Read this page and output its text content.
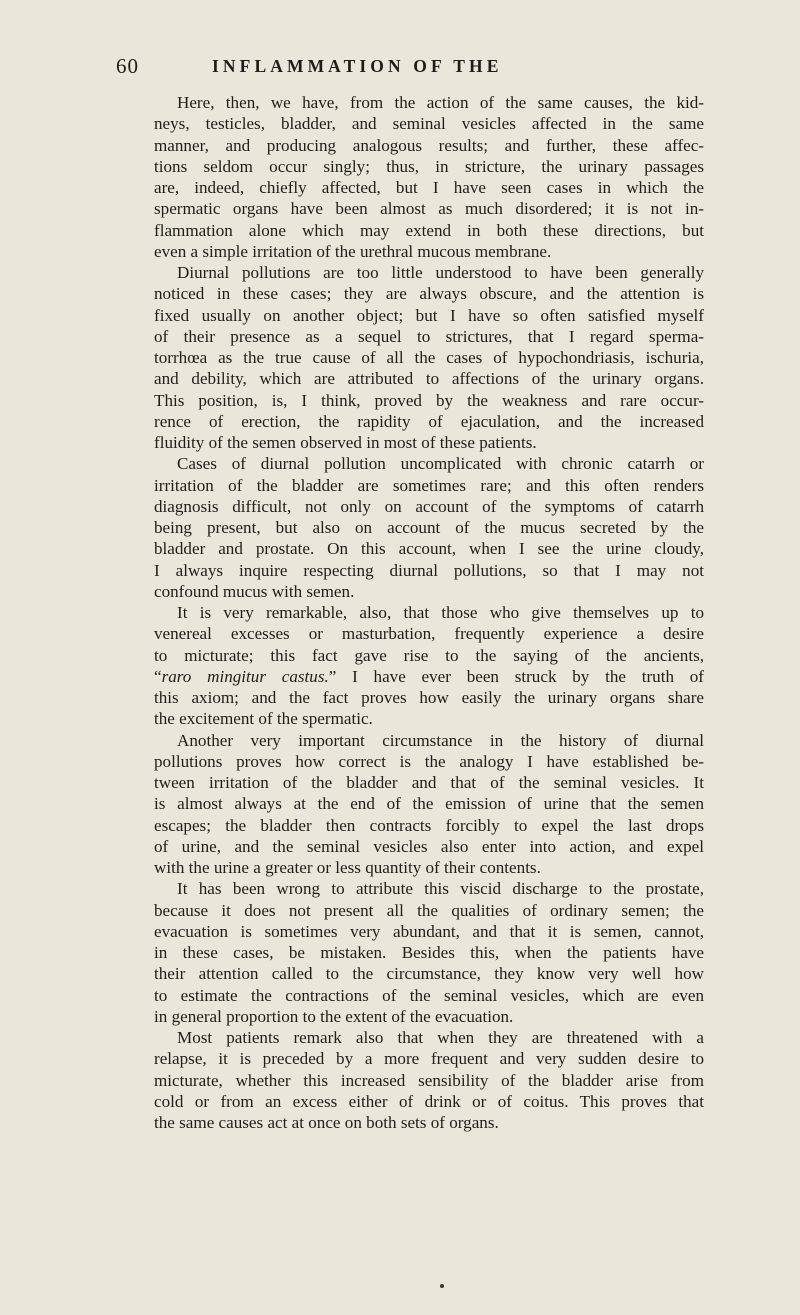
60	INFLAMMATION OF THE
Here, then, we have, from the action of the same causes, the kid-
neys, testicles, bladder, and seminal vesicles affected in the same
manner, and producing analogous results; and further, these affec-
tions seldom occur singly; thus, in stricture, the urinary passages
are, indeed, chiefly affected, but I have seen cases in which the
spermatic organs have been almost as much disordered; it is not in-
flammation alone which may extend in both these directions, but
even a simple irritation of the urethral mucous membrane.
Diurnal pollutions are too little understood to have been generally
noticed in these cases; they are always obscure, and the attention is
fixed usually on another object; but I have so often satisfied myself
of their presence as a sequel to strictures, that I regard sperma-
torrhœa as the true cause of all the cases of hypochondriasis, ischuria,
and debility, which are attributed to affections of the urinary organs.
This position, is, I think, proved by the weakness and rare occur-
rence of erection, the rapidity of ejaculation, and the increased
fluidity of the semen observed in most of these patients.
Cases of diurnal pollution uncomplicated with chronic catarrh or
irritation of the bladder are sometimes rare; and this often renders
diagnosis difficult, not only on account of the symptoms of catarrh
being present, but also on account of the mucus secreted by the
bladder and prostate. On this account, when I see the urine cloudy,
I always inquire respecting diurnal pollutions, so that I may not
confound mucus with semen.
It is very remarkable, also, that those who give themselves up to
venereal excesses or masturbation, frequently experience a desire
to micturate; this fact gave rise to the saying of the ancients,
“raro mingitur castus.” I have ever been struck by the truth of
this axiom; and the fact proves how easily the urinary organs share
the excitement of the spermatic.
Another very important circumstance in the history of diurnal
pollutions proves how correct is the analogy I have established be-
tween irritation of the bladder and that of the seminal vesicles. It
is almost always at the end of the emission of urine that the semen
escapes; the bladder then contracts forcibly to expel the last drops
of urine, and the seminal vesicles also enter into action, and expel
with the urine a greater or less quantity of their contents.
It has been wrong to attribute this viscid discharge to the prostate,
because it does not present all the qualities of ordinary semen; the
evacuation is sometimes very abundant, and that it is semen, cannot,
in these cases, be mistaken. Besides this, when the patients have
their attention called to the circumstance, they know very well how
to estimate the contractions of the seminal vesicles, which are even
in general proportion to the extent of the evacuation.
Most patients remark also that when they are threatened with a
relapse, it is preceded by a more frequent and very sudden desire to
micturate, whether this increased sensibility of the bladder arise from
cold or from an excess either of drink or of coitus. This proves that
the same causes act at once on both sets of organs.
